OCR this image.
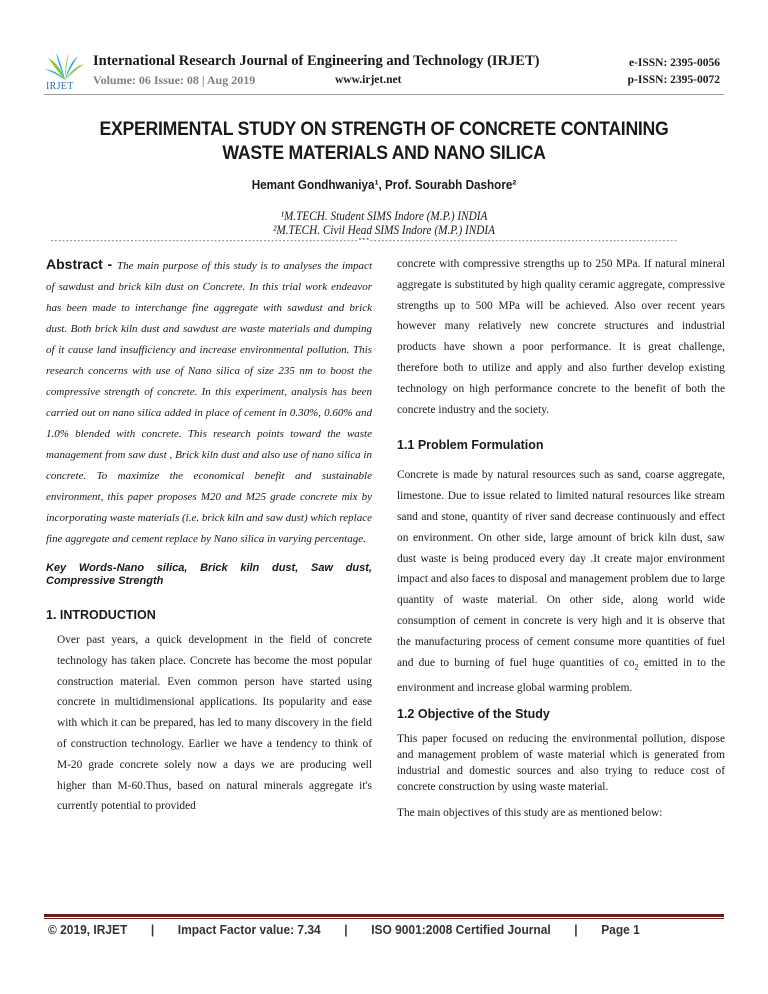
IRJET
International Research Journal of Engineering and Technology (IRJET)
Volume: 06 Issue: 08 | Aug 2019	www.irjet.net
e-ISSN: 2395-0056
p-ISSN: 2395-0072
EXPERIMENTAL STUDY ON STRENGTH OF CONCRETE CONTAINING
WASTE MATERIALS AND NANO SILICA
Hemant Gondhwaniya¹, Prof. Sourabh Dashore²
¹M.TECH. Student SIMS Indore (M.P.) INDIA
²M.TECH. Civil Head SIMS Indore (M.P.) INDIA
---------------------------------------------------------------------------------***---------------------------------------------------------------------------------

Abstract - The main purpose of this study is to analyses the impact of sawdust and brick kiln dust on Concrete. In this trial work endeavor has been made to interchange fine aggregate with sawdust and brick dust. Both brick kiln dust and sawdust are waste materials and dumping of it cause land insufficiency and increase environmental pollution. This research concerns with use of Nano silica of size 235 nm to boost the compressive strength of concrete. In this experiment, analysis has been carried out on nano silica added in place of cement in 0.30%, 0.60% and 1.0% blended with concrete. This research points toward the waste management from saw dust , Brick kiln dust and also use of nano silica in concrete. To maximize the economical benefit and sustainable environment, this paper proposes M20 and M25 grade concrete mix by incorporating waste materials (i.e. brick kiln and saw dust) which replace fine aggregate and cement replace by Nano silica in varying percentage.

Key Words-Nano silica, Brick kiln dust, Saw dust, Compressive Strength

1. INTRODUCTION

Over past years, a quick development in the field of concrete technology has taken place. Concrete has become the most popular construction material. Even common person have started using concrete in multidimensional applications. Its popularity and ease with which it can be prepared, has led to many discovery in the field of construction technology. Earlier we have a tendency to think of M-20 grade concrete solely now a days we are producing well higher than M-60.Thus, based on natural minerals aggregate it's currently potential to provided

concrete with compressive strengths up to 250 MPa. If natural mineral aggregate is substituted by high quality ceramic aggregate, compressive strengths up to 500 MPa will be achieved. Also over recent years however many relatively new concrete structures and industrial products have shown a poor performance. It is great challenge, therefore both to utilize and apply and also further develop existing technology on high performance concrete to the benefit of both the concrete industry and the society.

1.1 Problem Formulation

Concrete is made by natural resources such as sand, coarse aggregate, limestone. Due to issue related to limited natural resources like stream sand and stone, quantity of river sand decrease continuously and effect on environment. On other side, large amount of brick kiln dust, saw dust waste is being produced every day .It create major environment impact and also faces to disposal and management problem due to large quantity of waste material. On other side, along world wide consumption of cement in concrete is very high and it is observe that the manufacturing process of cement consume more quantities of fuel and due to burning of fuel huge quantities of $co_2$ emitted in to the environment and increase global warming problem.

1.2 Objective of the Study

This paper focused on reducing the environmental pollution, dispose and management problem of waste material which is generated from industrial and domestic sources and also trying to reduce cost of concrete construction by using waste material.

The main objectives of this study are as mentioned below:

© 2019, IRJET | Impact Factor value: 7.34 | ISO 9001:2008 Certified Journal | Page 1
